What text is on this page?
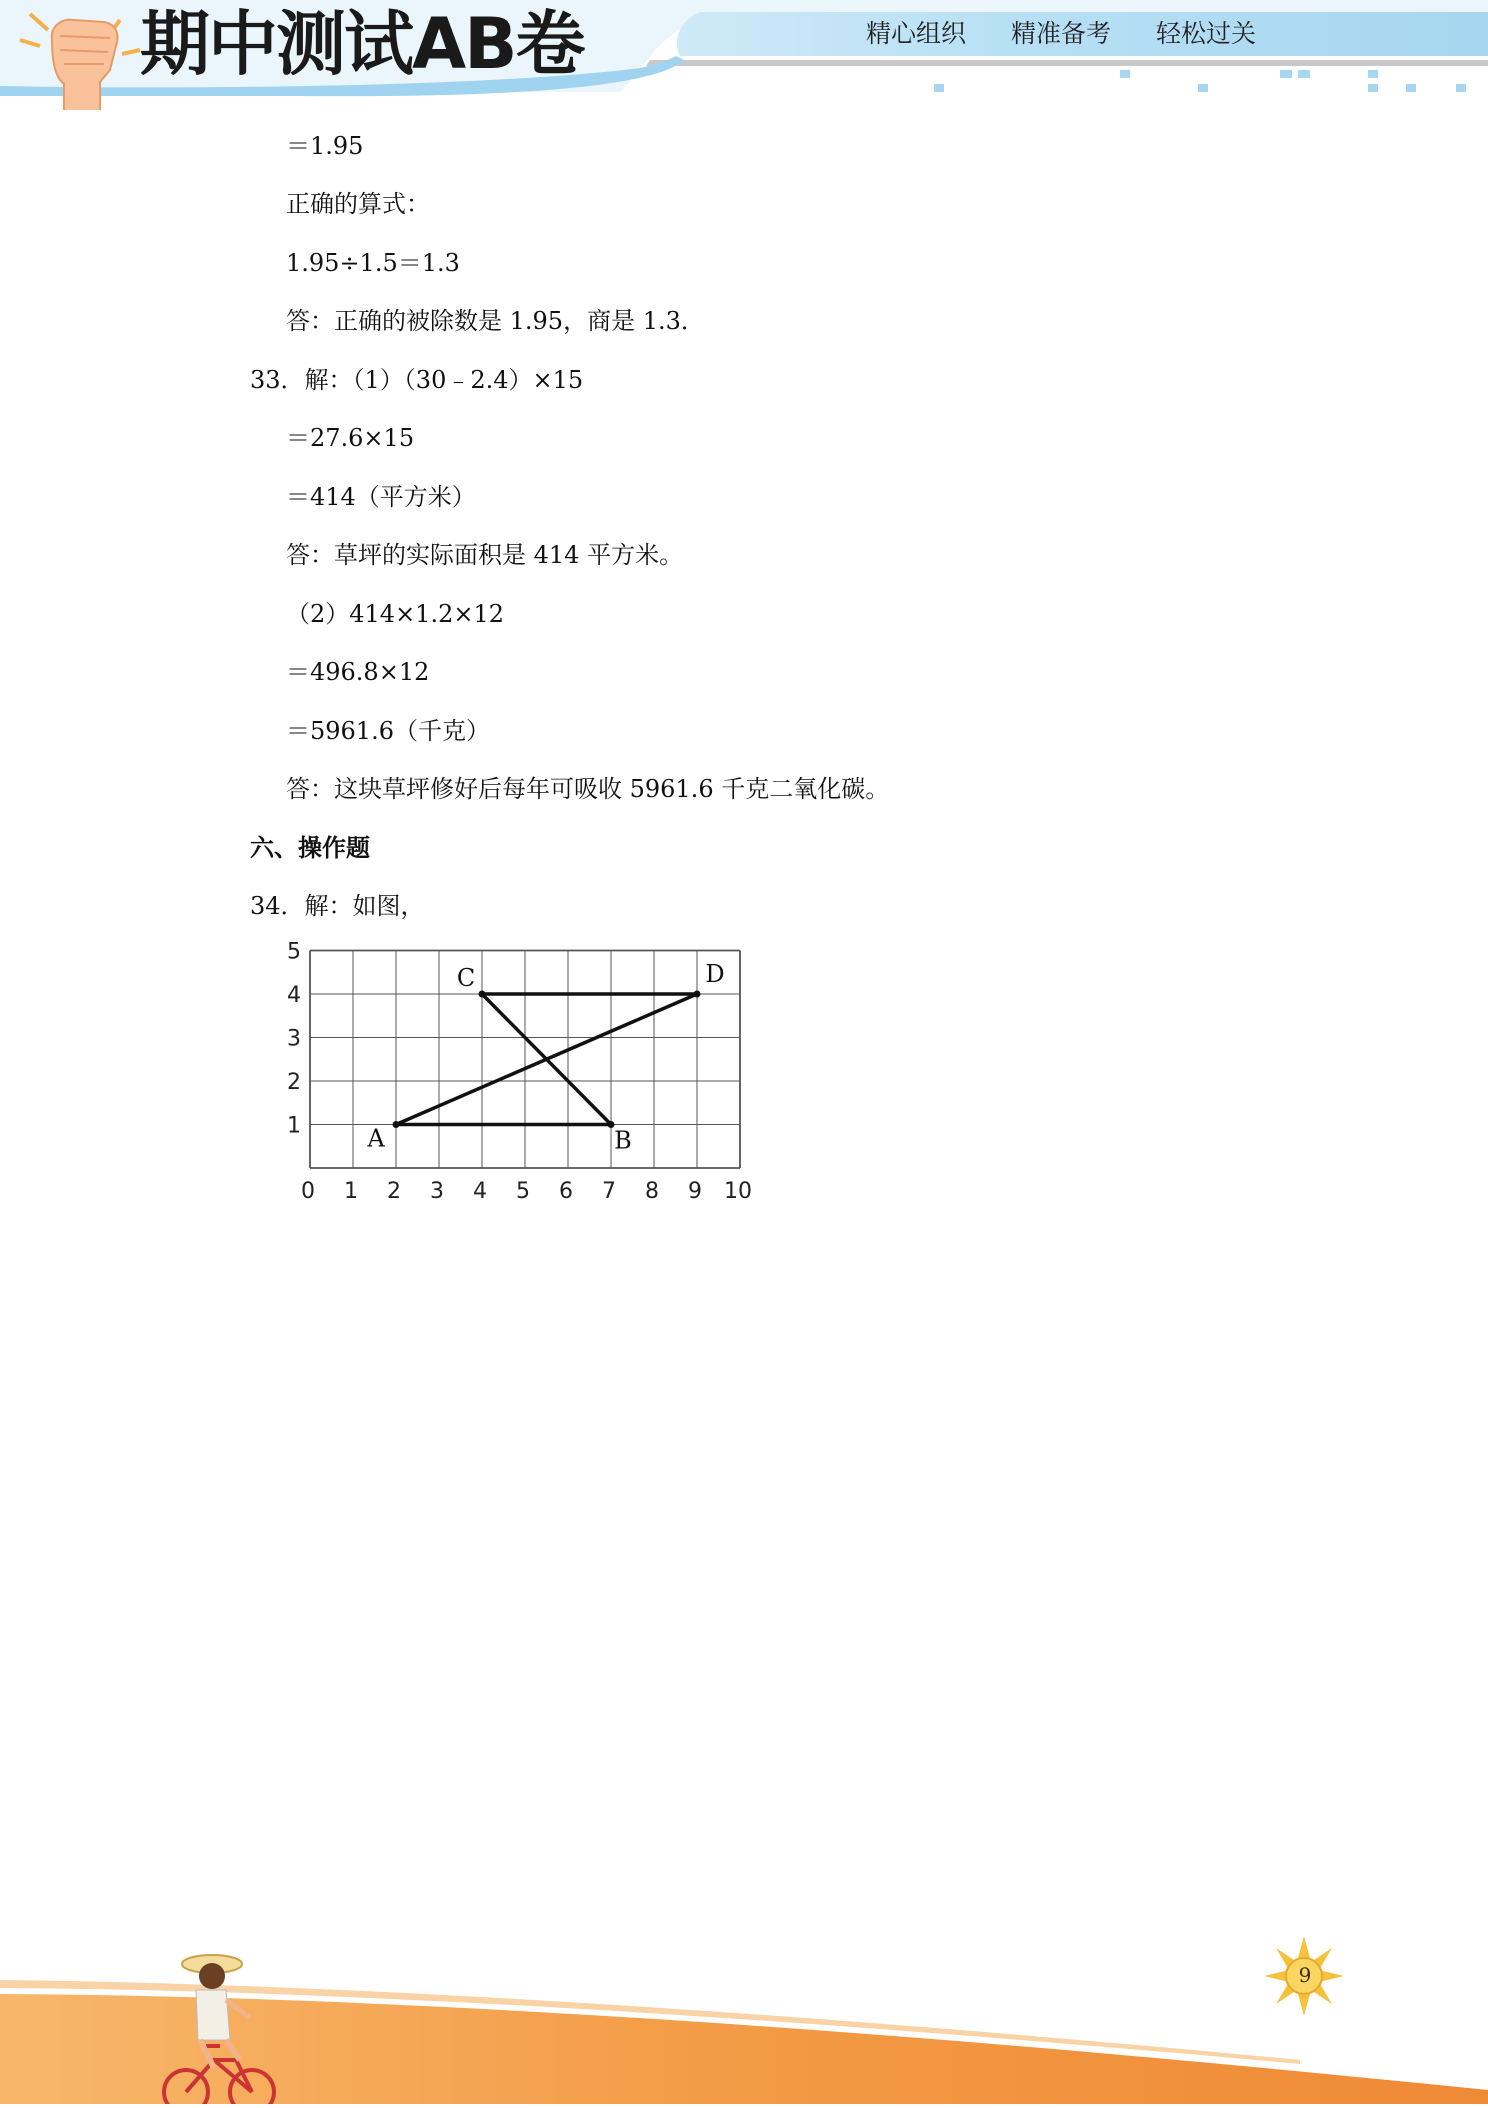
期中测试AB卷	精心组织 精准备考 轻松过关
＝1.95
正确的算式：
1.95÷1.5＝1.3
答：正确的被除数是 1.95，商是 1.3．
33．解：（1）（30﹣2.4）×15
＝27.6×15
＝414（平方米）
答：草坪的实际面积是 414 平方米。
（2）414×1.2×12
＝496.8×12
＝5961.6（千克）
答：这块草坪修好后每年可吸收 5961.6 千克二氧化碳。
六、操作题
34．解：如图，
0 1 2 3 4 5 6 7 8 9 10
1
2
3
4
5
A	B
C	D
9
